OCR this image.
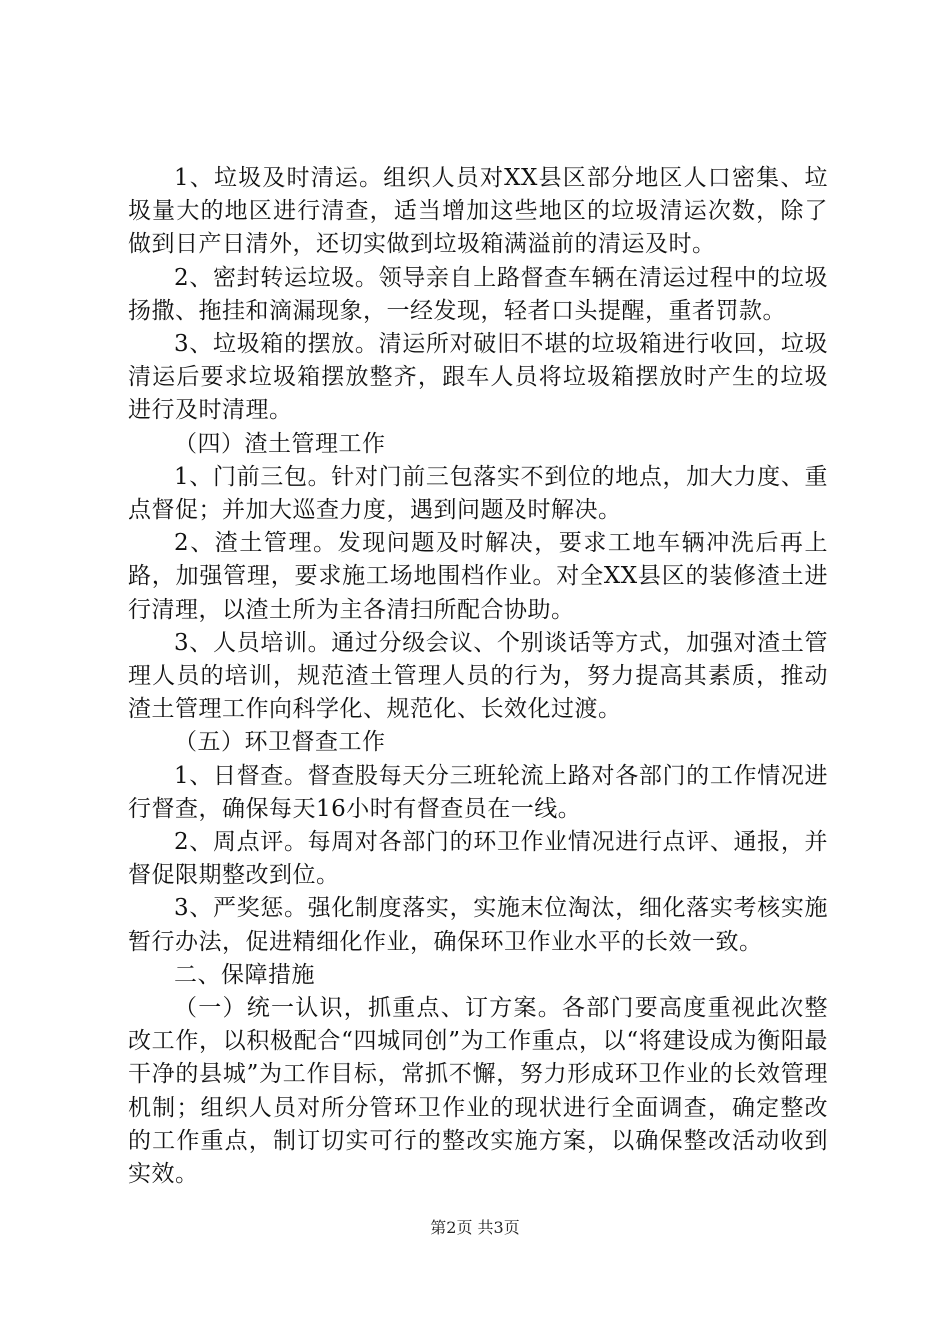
1、垃圾及时清运。组织人员对XX县区部分地区人口密集、垃圾量大的地区进行清查，适当增加这些地区的垃圾清运次数，除了做到日产日清外，还切实做到垃圾箱满溢前的清运及时。

2、密封转运垃圾。领导亲自上路督查车辆在清运过程中的垃圾扬撒、拖挂和滴漏现象，一经发现，轻者口头提醒，重者罚款。

3、垃圾箱的摆放。清运所对破旧不堪的垃圾箱进行收回，垃圾清运后要求垃圾箱摆放整齐，跟车人员将垃圾箱摆放时产生的垃圾进行及时清理。

（四）渣土管理工作

1、门前三包。针对门前三包落实不到位的地点，加大力度、重点督促；并加大巡查力度，遇到问题及时解决。

2、渣土管理。发现问题及时解决，要求工地车辆冲洗后再上路，加强管理，要求施工场地围档作业。对全XX县区的装修渣土进行清理，以渣土所为主各清扫所配合协助。

3、人员培训。通过分级会议、个别谈话等方式，加强对渣土管理人员的培训，规范渣土管理人员的行为，努力提高其素质，推动渣土管理工作向科学化、规范化、长效化过渡。

（五）环卫督查工作

1、日督查。督查股每天分三班轮流上路对各部门的工作情况进行督查，确保每天16小时有督查员在一线。

2、周点评。每周对各部门的环卫作业情况进行点评、通报，并督促限期整改到位。

3、严奖惩。强化制度落实，实施末位淘汰，细化落实考核实施暂行办法，促进精细化作业，确保环卫作业水平的长效一致。

二、保障措施

（一）统一认识，抓重点、订方案。各部门要高度重视此次整改工作，以积极配合“四城同创”为工作重点，以“将建设成为衡阳最干净的县城”为工作目标，常抓不懈，努力形成环卫作业的长效管理机制；组织人员对所分管环卫作业的现状进行全面调查，确定整改的工作重点，制订切实可行的整改实施方案，以确保整改活动收到实效。

第2页 共3页
